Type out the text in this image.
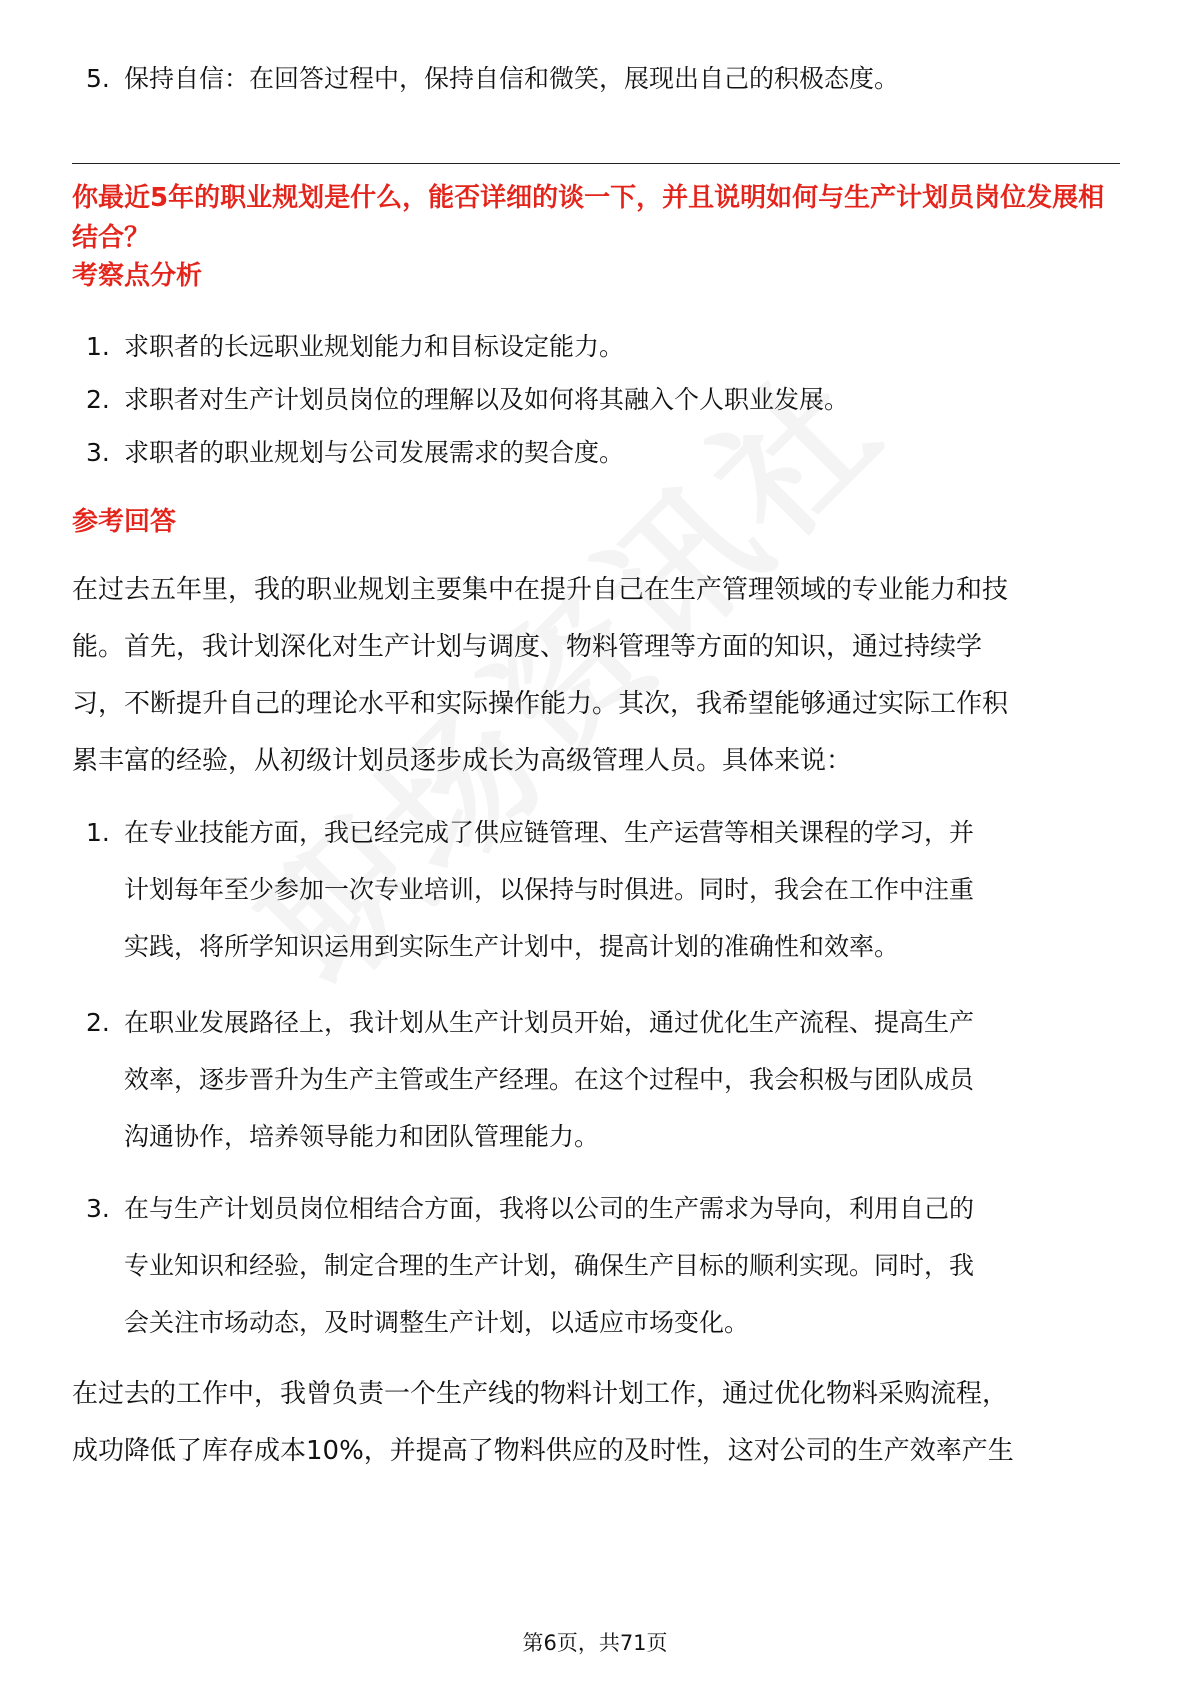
5. 保持自信：在回答过程中，保持自信和微笑，展现出自己的积极态度。
你最近5年的职业规划是什么，能否详细的谈一下，并且说明如何与生产计划员岗位发展相结合？
考察点分析
1. 求职者的长远职业规划能力和目标设定能力。
2. 求职者对生产计划员岗位的理解以及如何将其融入个人职业发展。
3. 求职者的职业规划与公司发展需求的契合度。
参考回答
在过去五年里，我的职业规划主要集中在提升自己在生产管理领域的专业能力和技
能。首先，我计划深化对生产计划与调度、物料管理等方面的知识，通过持续学
习，不断提升自己的理论水平和实际操作能力。其次，我希望能够通过实际工作积
累丰富的经验，从初级计划员逐步成长为高级管理人员。具体来说：
1. 在专业技能方面，我已经完成了供应链管理、生产运营等相关课程的学习，并
计划每年至少参加一次专业培训，以保持与时俱进。同时，我会在工作中注重
实践，将所学知识运用到实际生产计划中，提高计划的准确性和效率。
2. 在职业发展路径上，我计划从生产计划员开始，通过优化生产流程、提高生产
效率，逐步晋升为生产主管或生产经理。在这个过程中，我会积极与团队成员
沟通协作，培养领导能力和团队管理能力。
3. 在与生产计划员岗位相结合方面，我将以公司的生产需求为导向，利用自己的
专业知识和经验，制定合理的生产计划，确保生产目标的顺利实现。同时，我
会关注市场动态，及时调整生产计划，以适应市场变化。
在过去的工作中，我曾负责一个生产线的物料计划工作，通过优化物料采购流程，
成功降低了库存成本10%，并提高了物料供应的及时性，这对公司的生产效率产生
第6页，共71页
